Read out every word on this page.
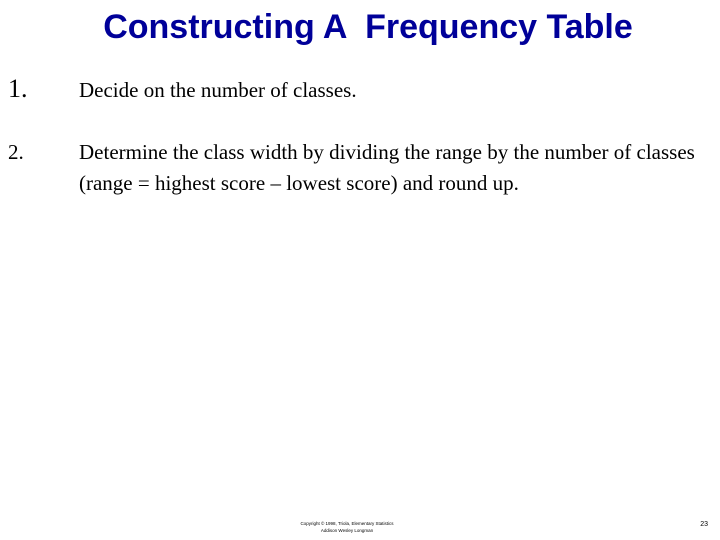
Constructing A  Frequency Table
1. Decide on the number of classes.
2.	Determine the class width by dividing the range by the number of classes (range = highest score – lowest score) and round up.
Copyright © 1998, Triola, Elementary Statistics
Addison Wesley Longman
23
